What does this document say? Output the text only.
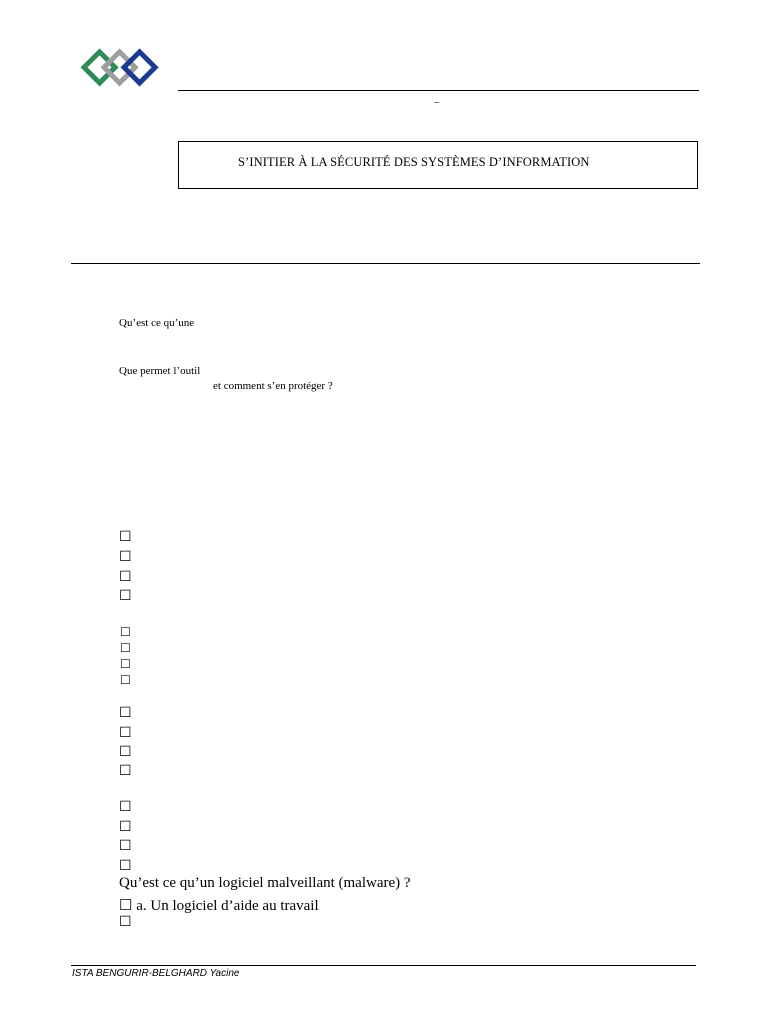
–
S’INITIER À LA SÉCURITÉ DES SYSTÈMES D’INFORMATION
Qu’est ce qu’une
Que permet l’outil
et comment s’en protéger ?
☐
☐
☐
☐
☐
☐
☐
☐
☐
☐
☐
☐
☐
☐
☐
☐
Qu’est ce qu’un logiciel malveillant (malware) ?
☐ a. Un logiciel d’aide au travail
☐
ISTA BENGURIR-BELGHARD Yacine
